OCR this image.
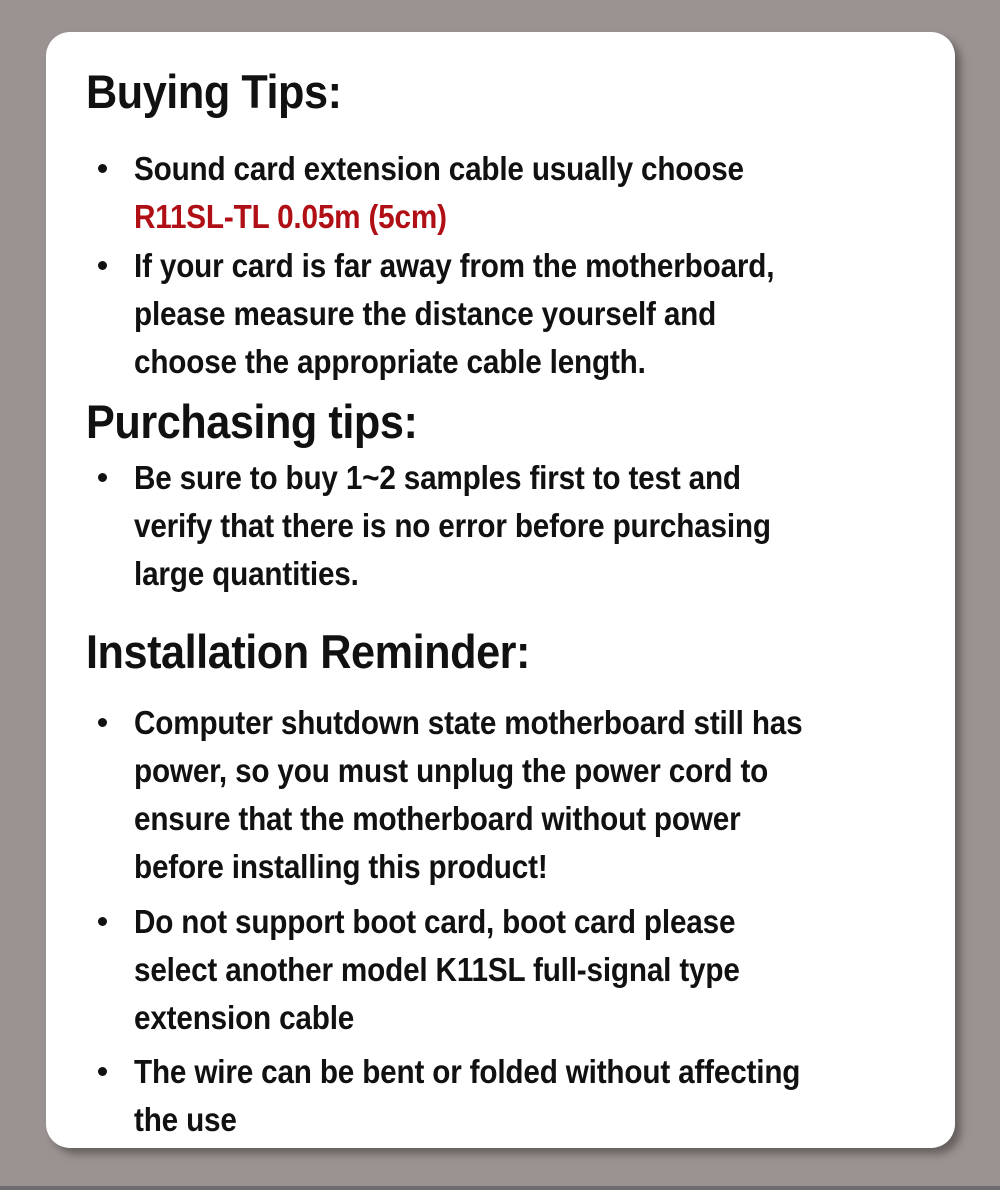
Buying Tips:
Sound card extension cable usually choose
R11SL-TL 0.05m (5cm)
If your card is far away from the motherboard,
please measure the distance yourself and
choose the appropriate cable length.
Purchasing tips:
Be sure to buy 1~2 samples first to test and
verify that there is no error before purchasing
large quantities.
Installation Reminder:
Computer shutdown state motherboard still has
power, so you must unplug the power cord to
ensure that the motherboard without power
before installing this product!
Do not support boot card, boot card please
select another model K11SL full-signal type
extension cable
The wire can be bent or folded without affecting
the use
